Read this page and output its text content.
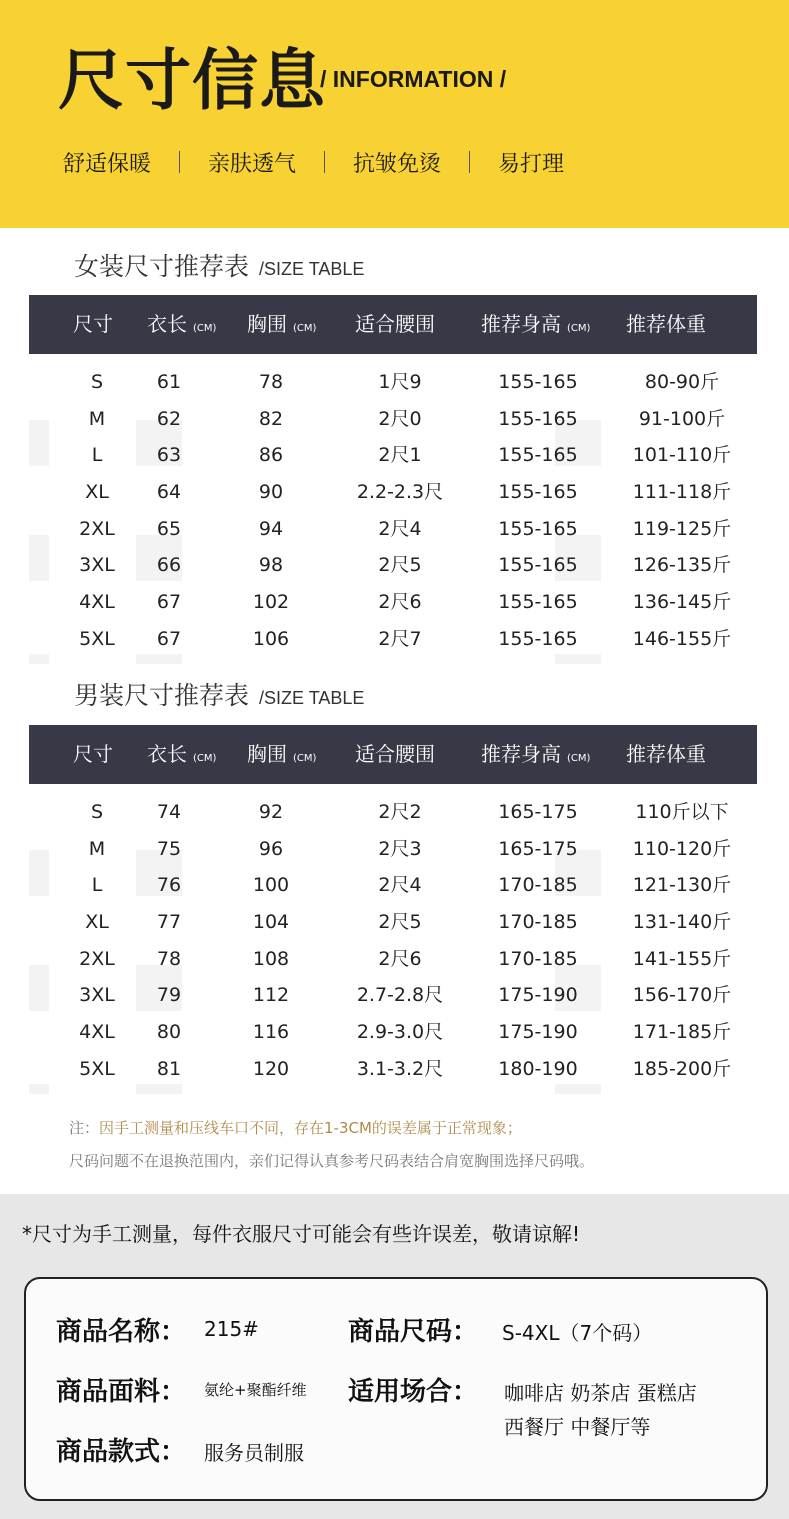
尺寸信息
/ INFORMATION /
舒适保暖	亲肤透气	抗皱免烫	易打理
女装尺寸推荐表 /SIZE TABLE
尺寸 衣长 (CM) 胸围 (CM) 适合腰围 推荐身高 (CM) 推荐体重
S	61	78	1尺9	155-165	80-90斤
M	62	82	2尺0	155-165	91-100斤
L	63	86	2尺1	155-165	101-110斤
XL	64	90	2.2-2.3尺	155-165	111-118斤
2XL	65	94	2尺4	155-165	119-125斤
3XL	66	98	2尺5	155-165	126-135斤
4XL	67	102	2尺6	155-165	136-145斤
5XL	67	106	2尺7	155-165	146-155斤
男装尺寸推荐表 /SIZE TABLE
尺寸 衣长 (CM) 胸围 (CM) 适合腰围 推荐身高 (CM) 推荐体重
S	74	92	2尺2	165-175	110斤以下
M	75	96	2尺3	165-175	110-120斤
L	76	100	2尺4	170-185	121-130斤
XL	77	104	2尺5	170-185	131-140斤
2XL	78	108	2尺6	170-185	141-155斤
3XL	79	112	2.7-2.8尺	175-190	156-170斤
4XL	80	116	2.9-3.0尺	175-190	171-185斤
5XL	81	120	3.1-3.2尺	180-190	185-200斤
注：因手工测量和压线车口不同，存在1-3CM的误差属于正常现象；
尺码问题不在退换范围内，亲们记得认真参考尺码表结合肩宽胸围选择尺码哦。
*尺寸为手工测量，每件衣服尺寸可能会有些许误差，敬请谅解!
商品名称： 215#	商品尺码： S-4XL（7个码）
商品面料： 氨纶+聚酯纤维 适用场合： 咖啡店 奶茶店 蛋糕店
西餐厅 中餐厅等
商品款式： 服务员制服
